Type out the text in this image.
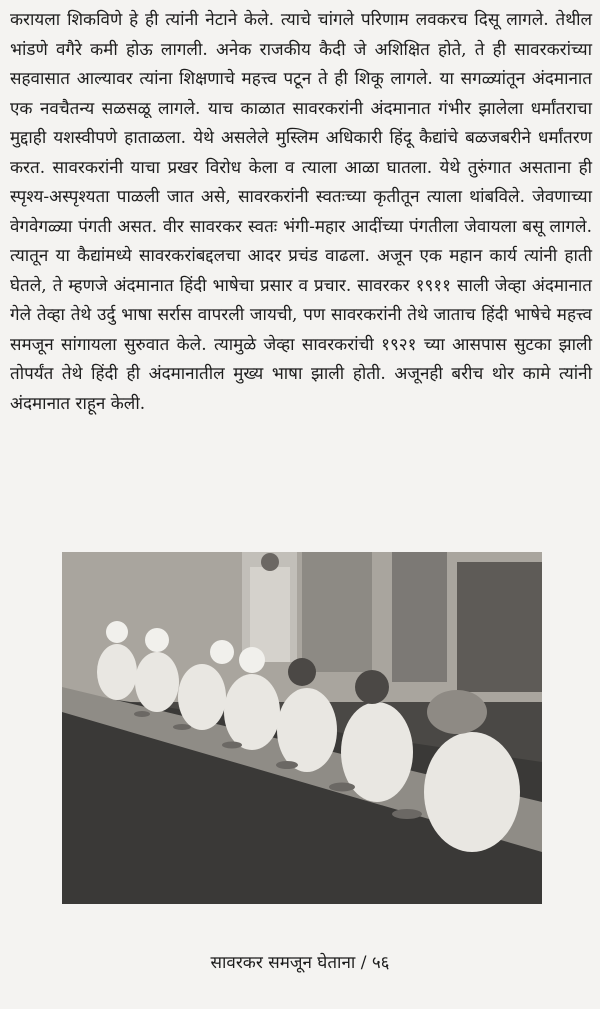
करायला शिकविणे हे ही त्यांनी नेटाने केले. त्याचे चांगले परिणाम लवकरच दिसू लागले. तेथील भांडणे वगैरे कमी होऊ लागली. अनेक राजकीय कैदी जे अशिक्षित होते, ते ही सावरकरांच्या सहवासात आल्यावर त्यांना शिक्षणाचे महत्त्व पटून ते ही शिकू लागले. या सगळ्यांतून अंदमानात एक नवचैतन्य सळसळू लागले. याच काळात सावरकरांनी अंदमानात गंभीर झालेला धर्मांतराचा मुद्दाही यशस्वीपणे हाताळला. येथे असलेले मुस्लिम अधिकारी हिंदू कैद्यांचे बळजबरीने धर्मांतरण करत. सावरकरांनी याचा प्रखर विरोध केला व त्याला आळा घातला. येथे तुरुंगात असताना ही स्पृश्य-अस्पृश्यता पाळली जात असे, सावरकरांनी स्वतःच्या कृतीतून त्याला थांबविले. जेवणाच्या वेगवेगळ्या पंगती असत. वीर सावरकर स्वतः भंगी-महार आदींच्या पंगतीला जेवायला बसू लागले. त्यातून या कैद्यांमध्ये सावरकरांबद्दलचा आदर प्रचंड वाढला. अजून एक महान कार्य त्यांनी हाती घेतले, ते म्हणजे अंदमानात हिंदी भाषेचा प्रसार व प्रचार. सावरकर १९११ साली जेव्हा अंदमानात गेले तेव्हा तेथे उर्दु भाषा सर्रास वापरली जायची, पण सावरकरांनी तेथे जाताच हिंदी भाषेचे महत्त्व समजून सांगायला सुरुवात केले. त्यामुळे जेव्हा सावरकरांची १९२१ च्या आसपास सुटका झाली तोपर्यंत तेथे हिंदी ही अंदमानातील मुख्य भाषा झाली होती. अजूनही बरीच थोर कामे त्यांनी अंदमानात राहून केली.

सावरकर समजून घेताना / ५६
